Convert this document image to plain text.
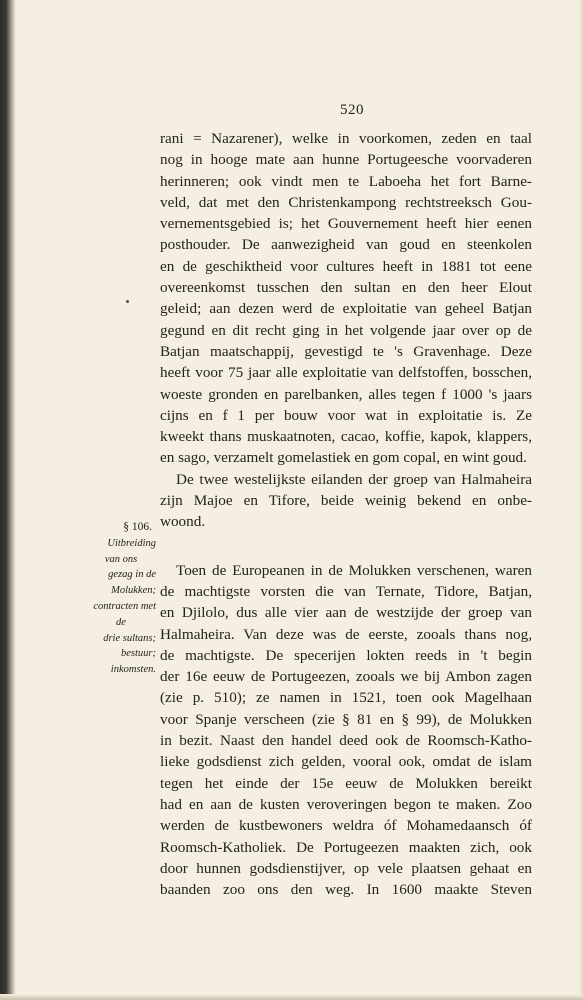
520
§ 106.
Uitbreiding
van ons
gezag in de
Molukken;
contracten met
de
drie sultans;
bestuur;
inkomsten.
rani = Nazarener), welke in voorkomen, zeden en taal
nog in hooge mate aan hunne Portugeesche voorvaderen
herinneren; ook vindt men te Laboeha het fort Barne-
veld, dat met den Christenkampong rechtstreeksch Gou-
vernementsgebied is; het Gouvernement heeft hier eenen
posthouder. De aanwezigheid van goud en steenkolen
en de geschiktheid voor cultures heeft in 1881 tot eene
overeenkomst tusschen den sultan en den heer Elout
geleid; aan dezen werd de exploitatie van geheel Batjan
gegund en dit recht ging in het volgende jaar over op de
Batjan maatschappij, gevestigd te 's Gravenhage. Deze
heeft voor 75 jaar alle exploitatie van delfstoffen, bosschen,
woeste gronden en parelbanken, alles tegen f 1000 's jaars
cijns en f 1 per bouw voor wat in exploitatie is. Ze
kweekt thans muskaatnoten, cacao, koffie, kapok, klappers,
en sago, verzamelt gomelastiek en gom copal, en wint goud.
De twee westelijkste eilanden der groep van Halmaheira
zijn Majoe en Tifore, beide weinig bekend en onbe-
woond.
Toen de Europeanen in de Molukken verschenen, waren
de machtigste vorsten die van Ternate, Tidore, Batjan,
en Djilolo, dus alle vier aan de westzijde der groep van
Halmaheira. Van deze was de eerste, zooals thans nog,
de machtigste. De specerijen lokten reeds in 't begin
der 16e eeuw de Portugeezen, zooals we bij Ambon zagen
(zie p. 510); ze namen in 1521, toen ook Magelhaan
voor Spanje verscheen (zie § 81 en § 99), de Molukken
in bezit. Naast den handel deed ook de Roomsch-Katho-
lieke godsdienst zich gelden, vooral ook, omdat de islam
tegen het einde der 15e eeuw de Molukken bereikt
had en aan de kusten veroveringen begon te maken. Zoo
werden de kustbewoners weldra óf Mohamedaansch óf
Roomsch-Katholiek. De Portugeezen maakten zich, ook
door hunnen godsdienstijver, op vele plaatsen gehaat en
baanden zoo ons den weg. In 1600 maakte Steven
